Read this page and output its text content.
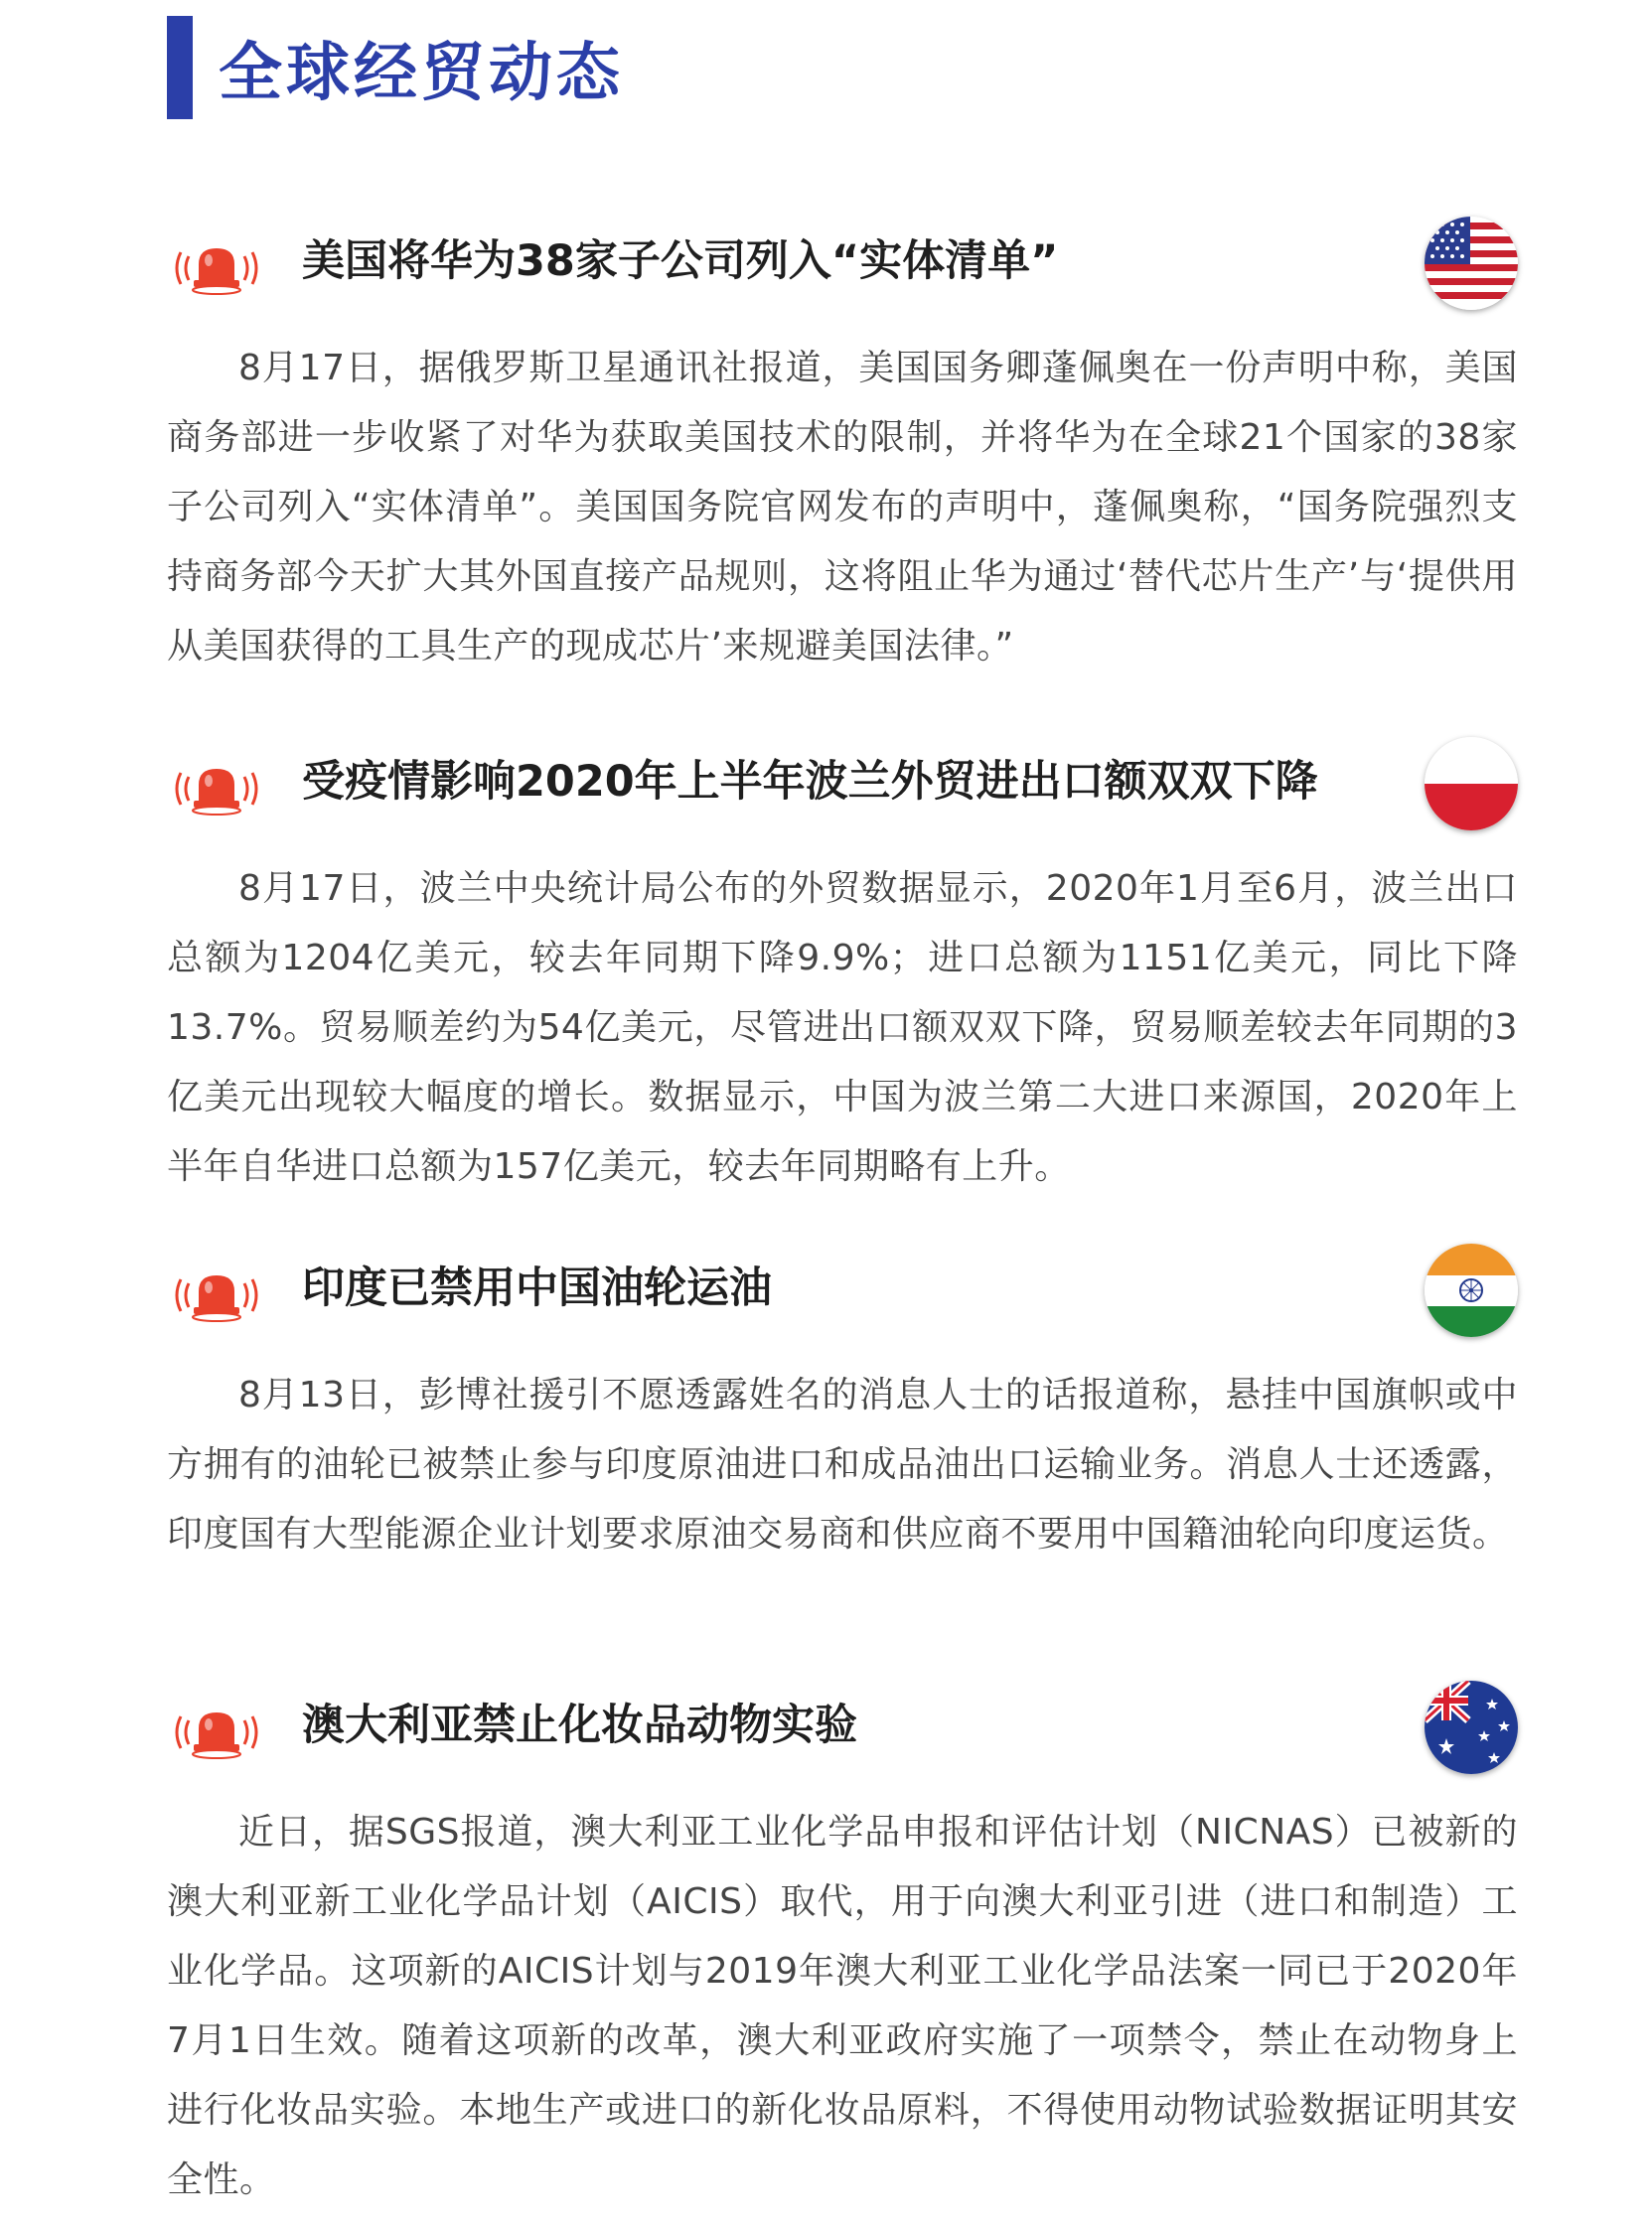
全球经贸动态
美国将华为38家子公司列入“实体清单”

8月17日，据俄罗斯卫星通讯社报道，美国国务卿蓬佩奥在一份声明中称，美国商务部进一步收紧了对华为获取美国技术的限制，并将华为在全球21个国家的38家子公司列入“实体清单”。美国国务院官网发布的声明中，蓬佩奥称，“国务院强烈支持商务部今天扩大其外国直接产品规则，这将阻止华为通过‘替代芯片生产’与‘提供用从美国获得的工具生产的现成芯片’来规避美国法律。”

受疫情影响2020年上半年波兰外贸进出口额双双下降

8月17日，波兰中央统计局公布的外贸数据显示，2020年1月至6月，波兰出口总额为1204亿美元，较去年同期下降9.9%；进口总额为1151亿美元，同比下降13.7%。贸易顺差约为54亿美元，尽管进出口额双双下降，贸易顺差较去年同期的3亿美元出现较大幅度的增长。数据显示，中国为波兰第二大进口来源国，2020年上半年自华进口总额为157亿美元，较去年同期略有上升。

印度已禁用中国油轮运油

8月13日，彭博社援引不愿透露姓名的消息人士的话报道称，悬挂中国旗帜或中方拥有的油轮已被禁止参与印度原油进口和成品油出口运输业务。消息人士还透露，印度国有大型能源企业计划要求原油交易商和供应商不要用中国籍油轮向印度运货。

澳大利亚禁止化妆品动物实验

近日，据SGS报道，澳大利亚工业化学品申报和评估计划（NICNAS）已被新的澳大利亚新工业化学品计划（AICIS）取代，用于向澳大利亚引进（进口和制造）工业化学品。这项新的AICIS计划与2019年澳大利亚工业化学品法案一同已于2020年7月1日生效。随着这项新的改革，澳大利亚政府实施了一项禁令，禁止在动物身上进行化妆品实验。本地生产或进口的新化妆品原料，不得使用动物试验数据证明其安全性。
